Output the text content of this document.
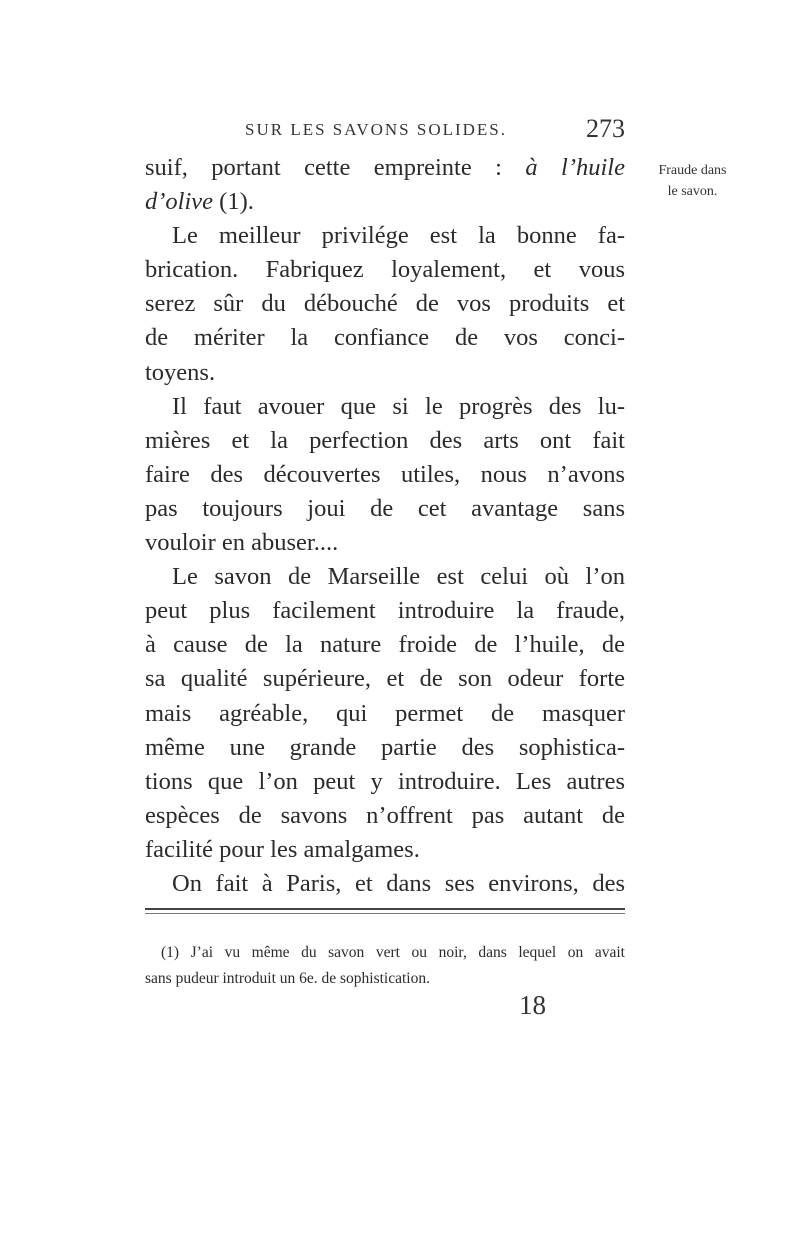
SUR LES SAVONS SOLIDES.	273
Fraude dans
le savon.
suif, portant cette empreinte : à l’huile
d’olive (1).
Le meilleur privilége est la bonne fa-
brication. Fabriquez loyalement, et vous
serez sûr du débouché de vos produits et
de mériter la confiance de vos conci-
toyens.
Il faut avouer que si le progrès des lu-
mières et la perfection des arts ont fait
faire des découvertes utiles, nous n’avons
pas toujours joui de cet avantage sans
vouloir en abuser....
Le savon de Marseille est celui où l’on
peut plus facilement introduire la fraude,
à cause de la nature froide de l’huile, de
sa qualité supérieure, et de son odeur forte
mais agréable, qui permet de masquer
même une grande partie des sophistica-
tions que l’on peut y introduire. Les autres
espèces de savons n’offrent pas autant de
facilité pour les amalgames.
On fait à Paris, et dans ses environs, des
(1) J’ai vu même du savon vert ou noir, dans lequel on avait
sans pudeur introduit un 6e. de sophistication.
18
